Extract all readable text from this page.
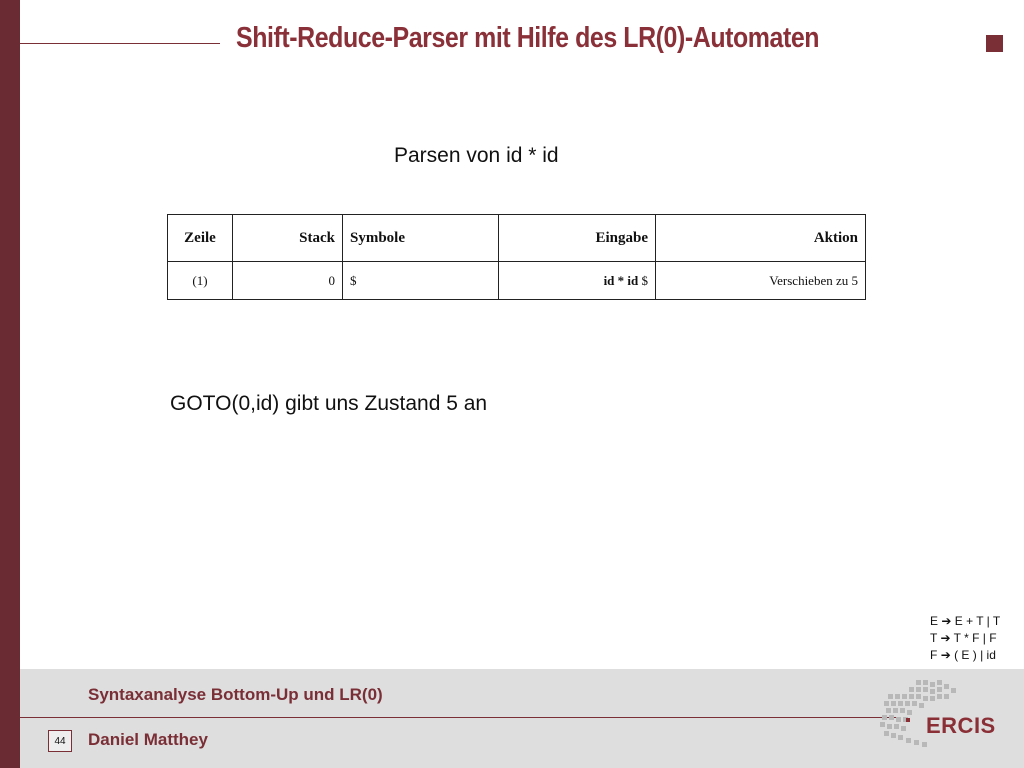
Shift-Reduce-Parser mit Hilfe des LR(0)-Automaten
Parsen von id * id
Zeile	Stack	Symbole	Eingabe	Aktion
(1)	0	$	id * id $	Verschieben zu 5
GOTO(0,id) gibt uns Zustand 5 an
E ➔ E + T | T
T ➔ T * F | F
F ➔ ( E ) | id
Syntaxanalyse Bottom-Up und LR(0)
44	Daniel Matthey
ERCIS
